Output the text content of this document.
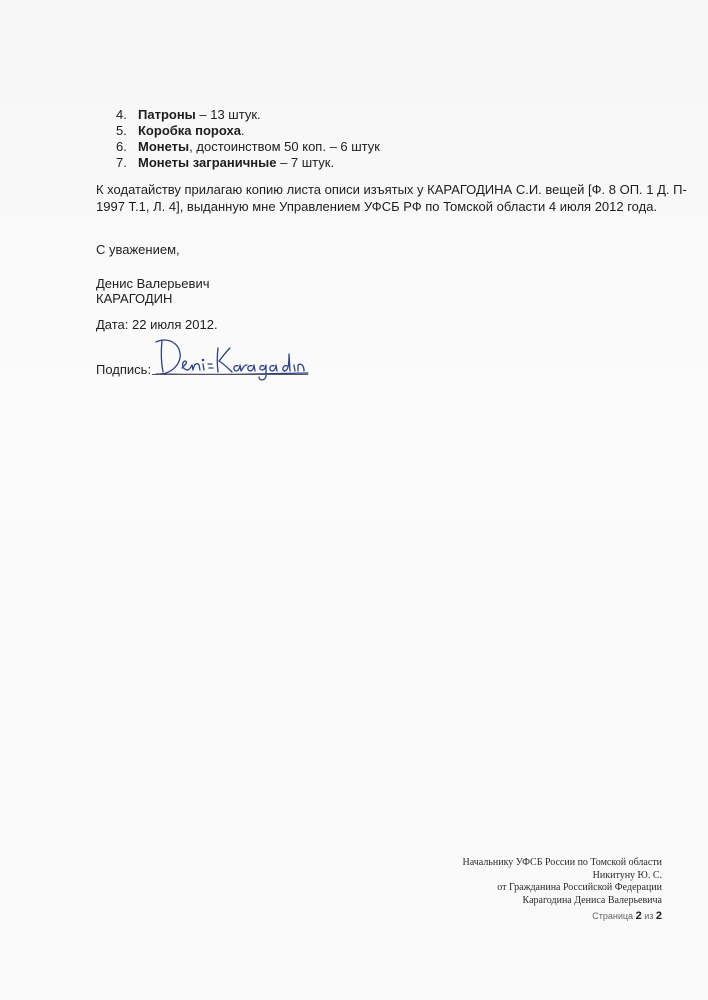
4. Патроны – 13 штук.
5. Коробка пороха.
6. Монеты, достоинством 50 коп. – 6 штук
7. Монеты заграничные – 7 штук.
К ходатайству прилагаю копию листа описи изъятых у КАРАГОДИНА С.И. вещей [Ф. 8 ОП. 1 Д. П-
1997 Т.1, Л. 4], выданную мне Управлением УФСБ РФ по Томской области 4 июля 2012 года.
С уважением,
Денис Валерьевич
КАРАГОДИН
Дата: 22 июля 2012.
Подпись:
Начальнику УФСБ России по Томской области
Никитуну Ю. С.
от Гражданина Российской Федерации
Карагодина Дениса Валерьевича
Страница 2 из 2
